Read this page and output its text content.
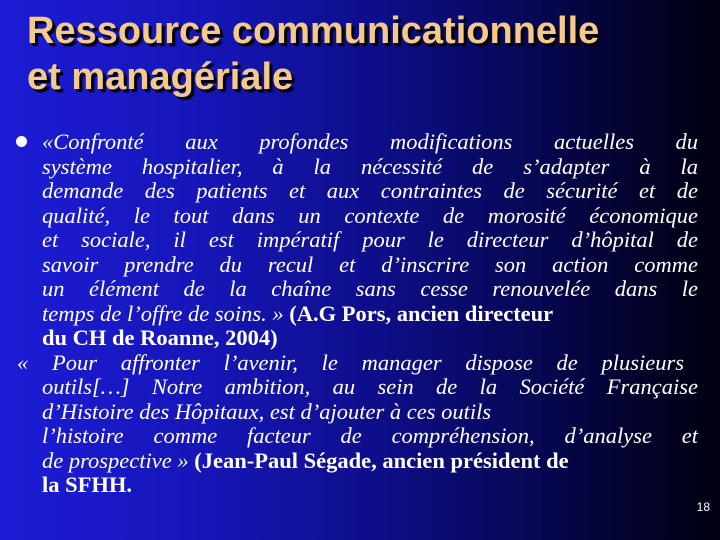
Ressource communicationnelle
et managériale
«Confronté aux profondes modifications actuelles du
système hospitalier, à la nécessité de s’adapter à la
demande des patients et aux contraintes de sécurité et de
qualité, le tout dans un contexte de morosité économique
et sociale, il est impératif pour le directeur d’hôpital de
savoir prendre du recul et d’inscrire son action comme
un élément de la chaîne sans cesse renouvelée dans le
temps de l’offre de soins. » (A.G Pors, ancien directeur
du CH de Roanne, 2004)
« Pour affronter l’avenir, le manager dispose de plusieurs
outils[…] Notre ambition, au sein de la Société Française
d’Histoire des Hôpitaux, est d’ajouter à ces outils
l’histoire comme facteur de compréhension, d’analyse et
de prospective » (Jean-Paul Ségade, ancien président de
la SFHH.
18
